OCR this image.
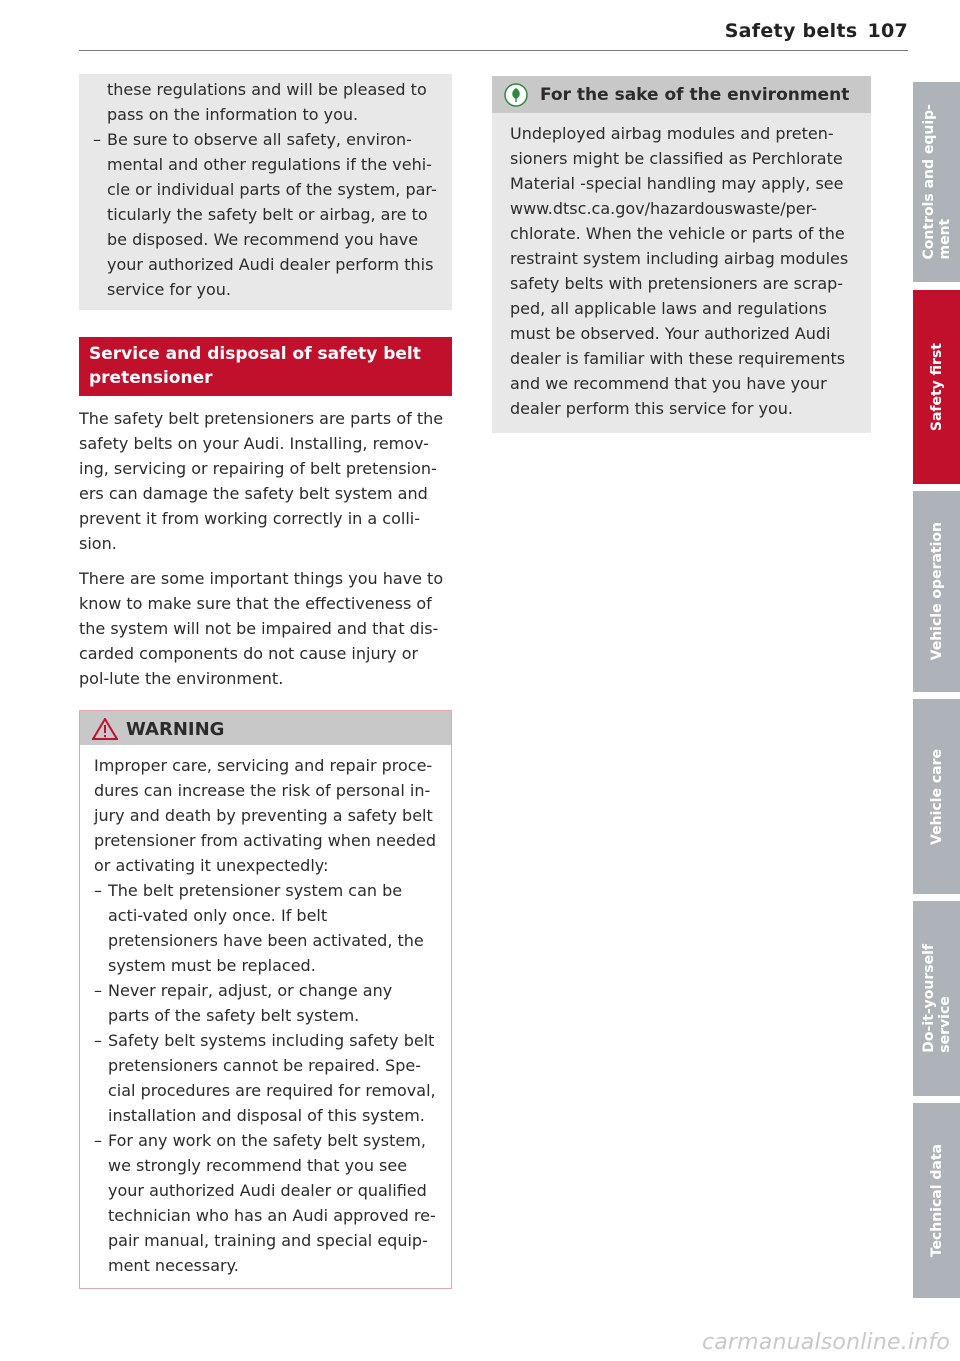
Safety belts 107

these regulations and will be pleased to pass on the information to you.

– Be sure to observe all safety, environ-mental and other regulations if the vehi-cle or individual parts of the system, par-ticularly the safety belt or airbag, are to be disposed. We recommend you have your authorized Audi dealer perform this service for you.
Service and disposal of safety belt pretensioner

The safety belt pretensioners are parts of the safety belts on your Audi. Installing, remov-ing, servicing or repairing of belt pretension-ers can damage the safety belt system and prevent it from working correctly in a colli-sion.

There are some important things you have to know to make sure that the effectiveness of the system will not be impaired and that dis-carded components do not cause injury or pol-lute the environment.

WARNING

Improper care, servicing and repair proce-dures can increase the risk of personal in-jury and death by preventing a safety belt pretensioner from activating when needed or activating it unexpectedly:

– The belt pretensioner system can be acti-vated only once. If belt pretensioners have been activated, the system must be replaced.
– Never repair, adjust, or change any parts of the safety belt system.
– Safety belt systems including safety belt pretensioners cannot be repaired. Spe-cial procedures are required for removal, installation and disposal of this system.
– For any work on the safety belt system, we strongly recommend that you see your authorized Audi dealer or qualified technician who has an Audi approved re-pair manual, training and special equip-ment necessary.
For the sake of the environment

Undeployed airbag modules and preten-sioners might be classified as Perchlorate Material -special handling may apply, see www.dtsc.ca.gov/hazardouswaste/per-chlorate. When the vehicle or parts of the restraint system including airbag modules safety belts with pretensioners are scrap-ped, all applicable laws and regulations must be observed. Your authorized Audi dealer is familiar with these requirements and we recommend that you have your dealer perform this service for you.

Controls and equip-
ment
Safety first
Vehicle operation
Vehicle care
Do-it-yourself
service
Technical data
carmanualsonline.info
